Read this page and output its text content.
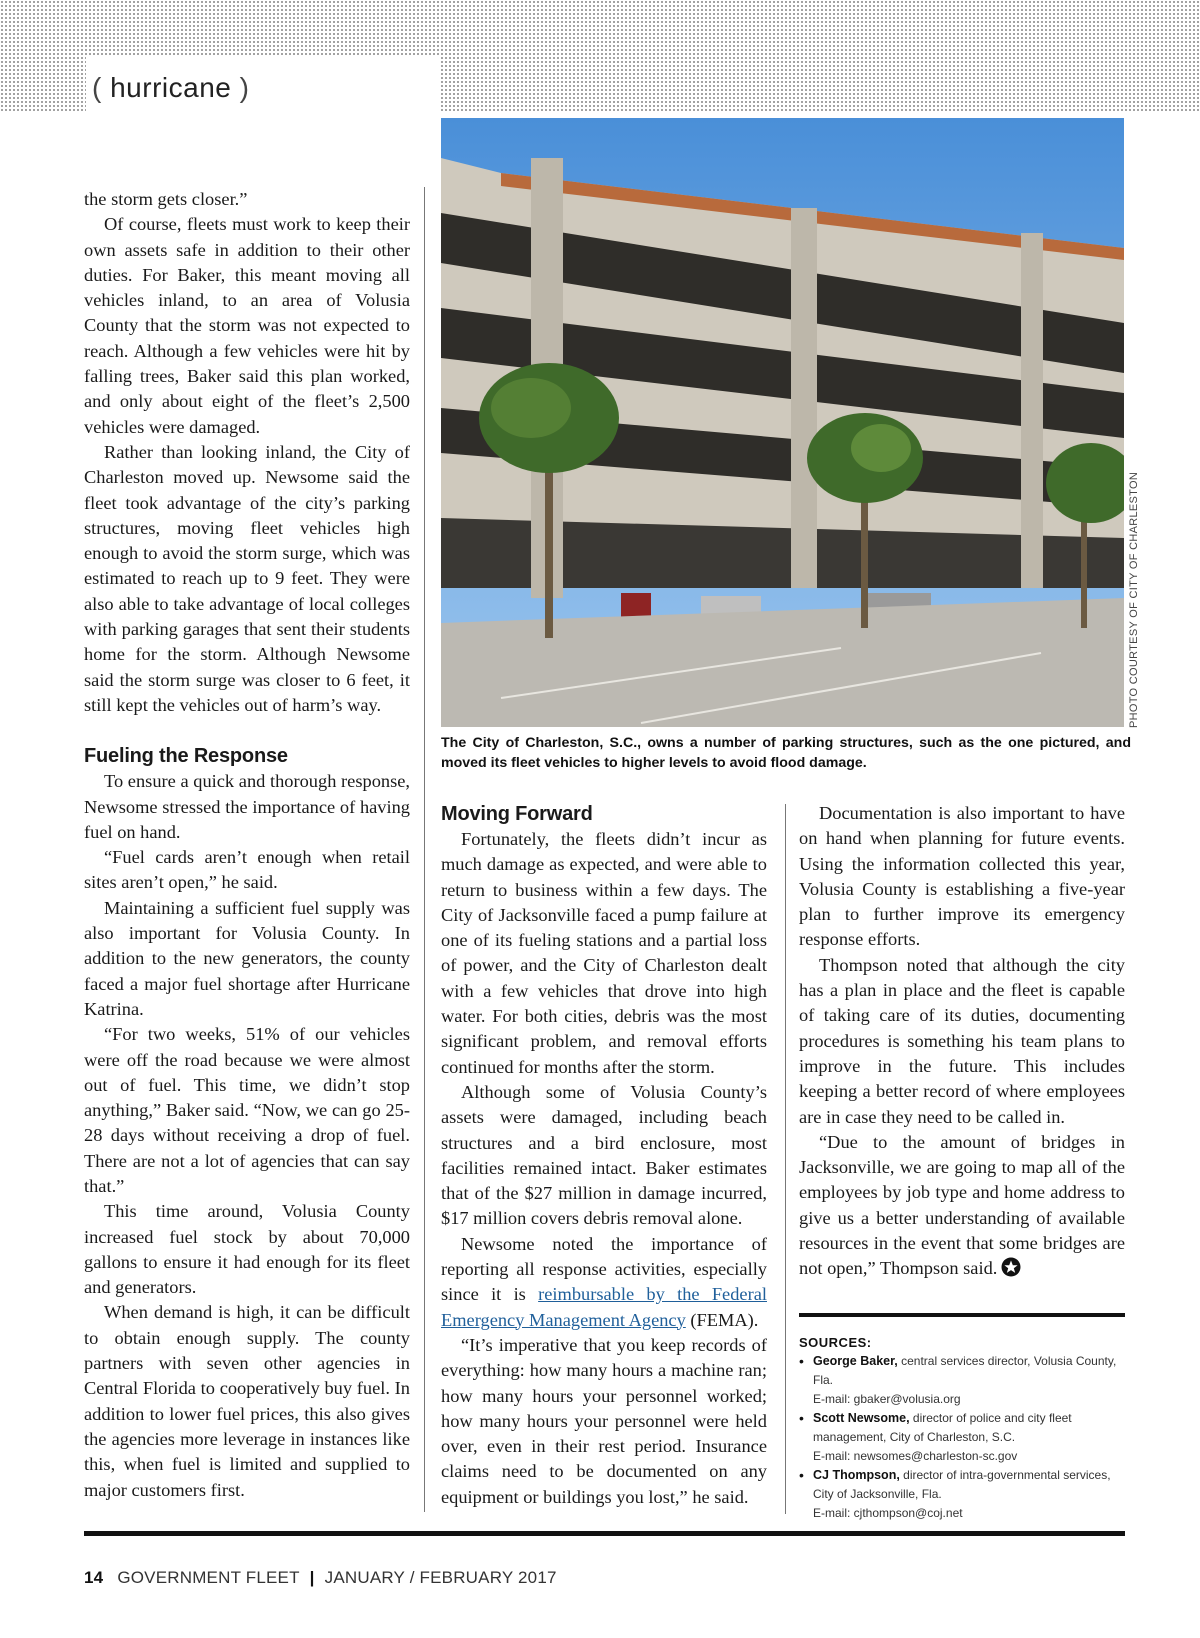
( hurricane )

the storm gets closer.”

Of course, fleets must work to keep their own assets safe in addition to their other duties. For Baker, this meant moving all vehicles inland, to an area of Volusia County that the storm was not expected to reach. Although a few vehicles were hit by falling trees, Baker said this plan worked, and only about eight of the fleet’s 2,500 vehicles were damaged.

Rather than looking inland, the City of Charleston moved up. Newsome said the fleet took advantage of the city’s parking structures, moving fleet vehicles high enough to avoid the storm surge, which was estimated to reach up to 9 feet. They were also able to take advantage of local colleges with parking garages that sent their students home for the storm. Although Newsome said the storm surge was closer to 6 feet, it still kept the vehicles out of harm’s way.

Fueling the Response

To ensure a quick and thorough response, Newsome stressed the importance of having fuel on hand.

“Fuel cards aren’t enough when retail sites aren’t open,” he said.

Maintaining a sufficient fuel supply was also important for Volusia County. In addition to the new generators, the county faced a major fuel shortage after Hurricane Katrina.

“For two weeks, 51% of our vehicles were off the road because we were almost out of fuel. This time, we didn’t stop anything,” Baker said. “Now, we can go 25-28 days without receiving a drop of fuel. There are not a lot of agencies that can say that.”

This time around, Volusia County increased fuel stock by about 70,000 gallons to ensure it had enough for its fleet and generators.

When demand is high, it can be difficult to obtain enough supply. The county partners with seven other agencies in Central Florida to cooperatively buy fuel. In addition to lower fuel prices, this also gives the agencies more leverage in instances like this, when fuel is limited and supplied to major customers first.

PHOTO COURTESY OF CITY OF CHARLESTON
The City of Charleston, S.C., owns a number of parking structures, such as the one pictured, and moved its fleet vehicles to higher levels to avoid flood damage.
Moving Forward

Fortunately, the fleets didn’t incur as much damage as expected, and were able to return to business within a few days. The City of Jacksonville faced a pump failure at one of its fueling stations and a partial loss of power, and the City of Charleston dealt with a few vehicles that drove into high water. For both cities, debris was the most significant problem, and removal efforts continued for months after the storm.

Although some of Volusia County’s assets were damaged, including beach structures and a bird enclosure, most facilities remained intact. Baker estimates that of the $27 million in damage incurred, $17 million covers debris removal alone.

Newsome noted the importance of reporting all response activities, especially since it is reimbursable by the Federal Emergency Management Agency (FEMA).

“It’s imperative that you keep records of everything: how many hours a machine ran; how many hours your personnel worked; how many hours your personnel were held over, even in their rest period. Insurance claims need to be documented on any equipment or buildings you lost,” he said.

Documentation is also important to have on hand when planning for future events. Using the information collected this year, Volusia County is establishing a five-year plan to further improve its emergency response efforts.

Thompson noted that although the city has a plan in place and the fleet is capable of taking care of its duties, documenting procedures is something his team plans to improve in the future. This includes keeping a better record of where employees are in case they need to be called in.

“Due to the amount of bridges in Jacksonville, we are going to map all of the employees by job type and home address to give us a better understanding of available resources in the event that some bridges are not open,” Thompson said.

SOURCES:
• George Baker, central services director, Volusia County, Fla.
E-mail: gbaker@volusia.org
• Scott Newsome, director of police and city fleet management, City of Charleston, S.C.
E-mail: newsomes@charleston-sc.gov
• CJ Thompson, director of intra-governmental services, City of Jacksonville, Fla.
E-mail: cjthompson@coj.net
14 GOVERNMENT FLEET | JANUARY / FEBRUARY 2017
